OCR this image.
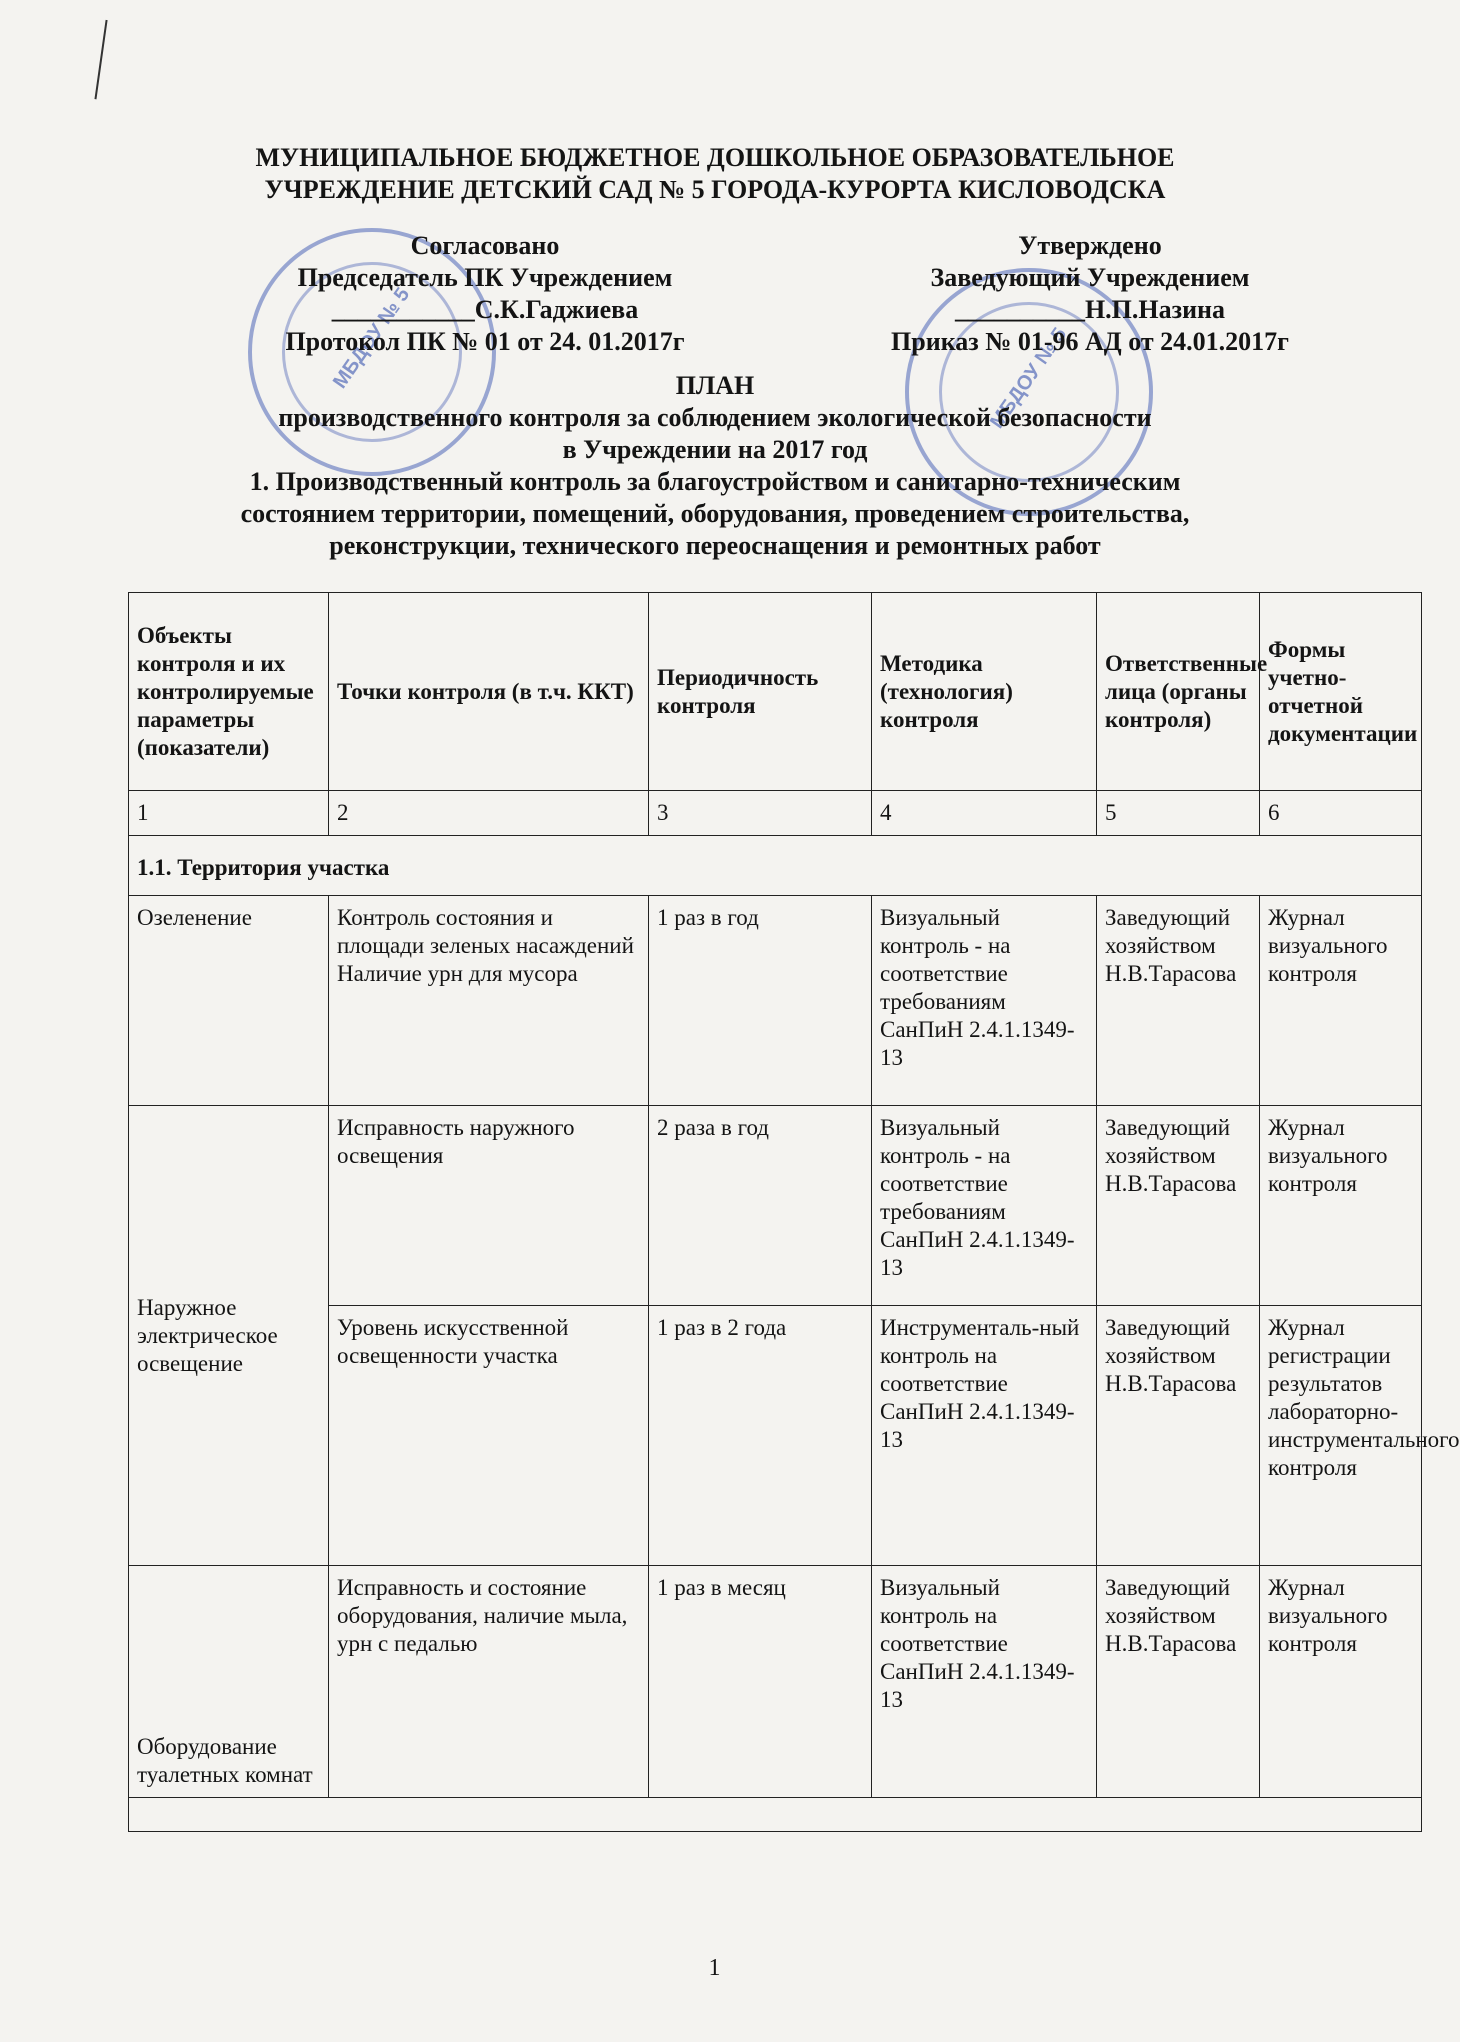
МУНИЦИПАЛЬНОЕ БЮДЖЕТНОЕ ДОШКОЛЬНОЕ ОБРАЗОВАТЕЛЬНОЕ
УЧРЕЖДЕНИЕ ДЕТСКИЙ САД № 5 ГОРОДА-КУРОРТА КИСЛОВОДСКА
МБДОУ № 5	МБДОУ № 5
Согласовано
Председатель ПК Учреждением
___________С.К.Гаджиева
Протокол ПК № 01 от 24. 01.2017г
Утверждено
Заведующий Учреждением
__________Н.П.Назина
Приказ № 01-96 АД от 24.01.2017г
ПЛАН
производственного контроля за соблюдением экологической безопасности
в Учреждении на 2017 год
1. Производственный контроль за благоустройством и санитарно-техническим
состоянием территории, помещений, оборудования, проведением строительства,
реконструкции, технического переоснащения и ремонтных работ
Объекты контроля и их контролируемые параметры (показатели)	Точки контроля (в т.ч. ККТ)	Периодичность контроля	Методика (технология) контроля	Ответственные лица (органы контроля)	Формы учетно-отчетной документации
1	2	3	4	5	6
1.1. Территория участка					
Озеленение	Контроль состояния и площади зеленых насаждений Наличие урн для мусора	1 раз в год	Визуальный контроль - на соответствие требованиям СанПиН 2.4.1.1349-13	Заведующий хозяйством Н.В.Тарасова	Журнал визуального контроля
Наружное электрическое освещение	Исправность наружного освещения	2 раза в год	Визуальный контроль - на соответствие требованиям СанПиН 2.4.1.1349-13	Заведующий хозяйством Н.В.Тарасова	Журнал визуального контроля
	Уровень искусственной освещенности участка	1 раз в 2 года	Инструменталь-ный контроль на соответствие СанПиН 2.4.1.1349-13	Заведующий хозяйством Н.В.Тарасова	Журнал регистрации результатов лабораторно-инструментального контроля
Оборудование туалетных комнат	Исправность и состояние оборудования, наличие мыла, урн с педалью	1 раз в месяц	Визуальный контроль на соответствие СанПиН 2.4.1.1349-13	Заведующий хозяйством Н.В.Тарасова	Журнал визуального контроля

1
